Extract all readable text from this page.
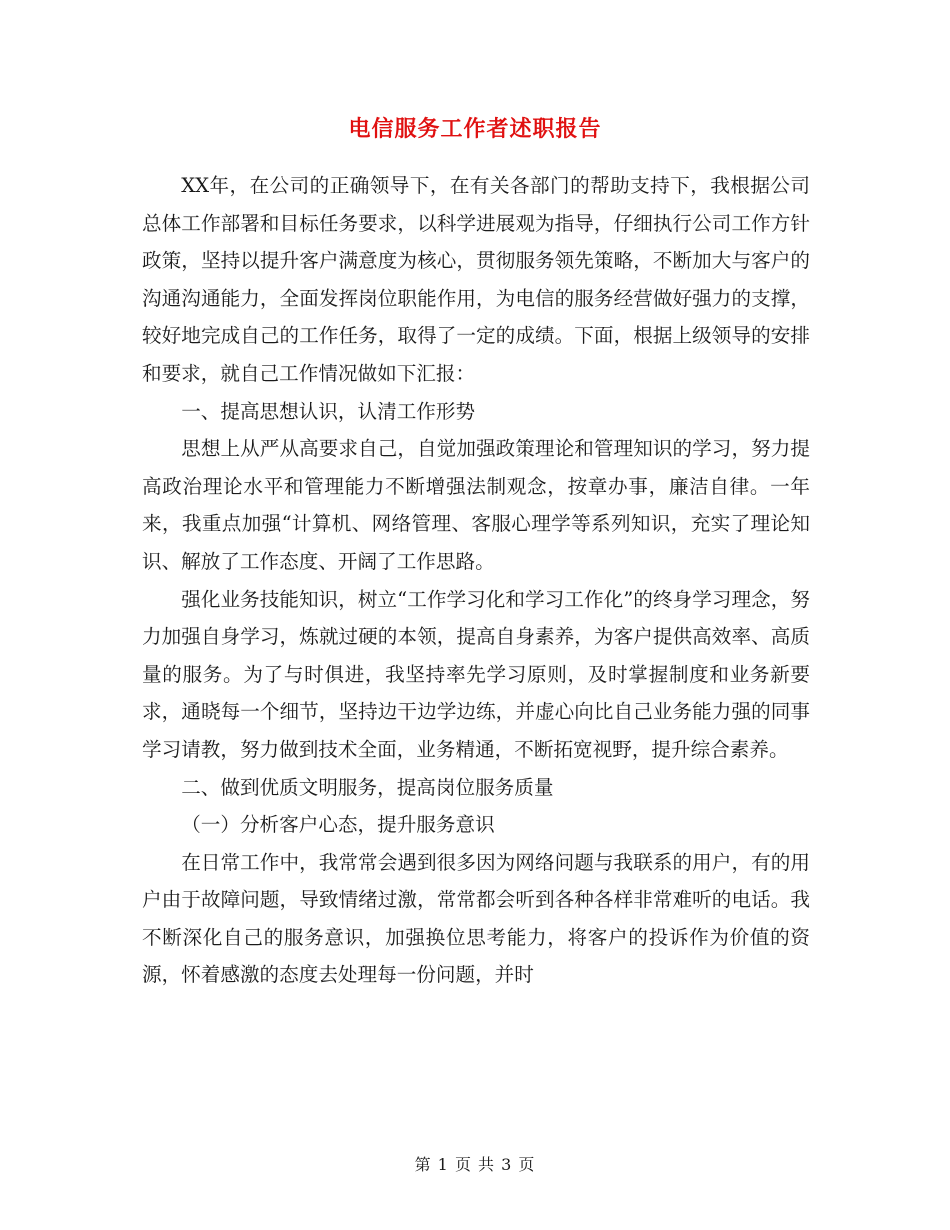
电信服务工作者述职报告

XX年，在公司的正确领导下，在有关各部门的帮助支持下，我根据公司总体工作部署和目标任务要求，以科学进展观为指导，仔细执行公司工作方针政策，坚持以提升客户满意度为核心，贯彻服务领先策略，不断加大与客户的沟通沟通能力，全面发挥岗位职能作用，为电信的服务经营做好强力的支撑，较好地完成自己的工作任务，取得了一定的成绩。下面，根据上级领导的安排和要求，就自己工作情况做如下汇报：

一、提高思想认识，认清工作形势

思想上从严从高要求自己，自觉加强政策理论和管理知识的学习，努力提高政治理论水平和管理能力不断增强法制观念，按章办事，廉洁自律。一年来，我重点加强“计算机、网络管理、客服心理学等系列知识，充实了理论知识、解放了工作态度、开阔了工作思路。

强化业务技能知识，树立“工作学习化和学习工作化”的终身学习理念，努力加强自身学习，炼就过硬的本领，提高自身素养，为客户提供高效率、高质量的服务。为了与时俱进，我坚持率先学习原则，及时掌握制度和业务新要求，通晓每一个细节，坚持边干边学边练，并虚心向比自己业务能力强的同事学习请教，努力做到技术全面，业务精通，不断拓宽视野，提升综合素养。

二、做到优质文明服务，提高岗位服务质量

（一）分析客户心态，提升服务意识

在日常工作中，我常常会遇到很多因为网络问题与我联系的用户，有的用户由于故障问题，导致情绪过激，常常都会听到各种各样非常难听的电话。我不断深化自己的服务意识，加强换位思考能力，将客户的投诉作为价值的资源，怀着感激的态度去处理每一份问题，并时

第 1 页 共 3 页
